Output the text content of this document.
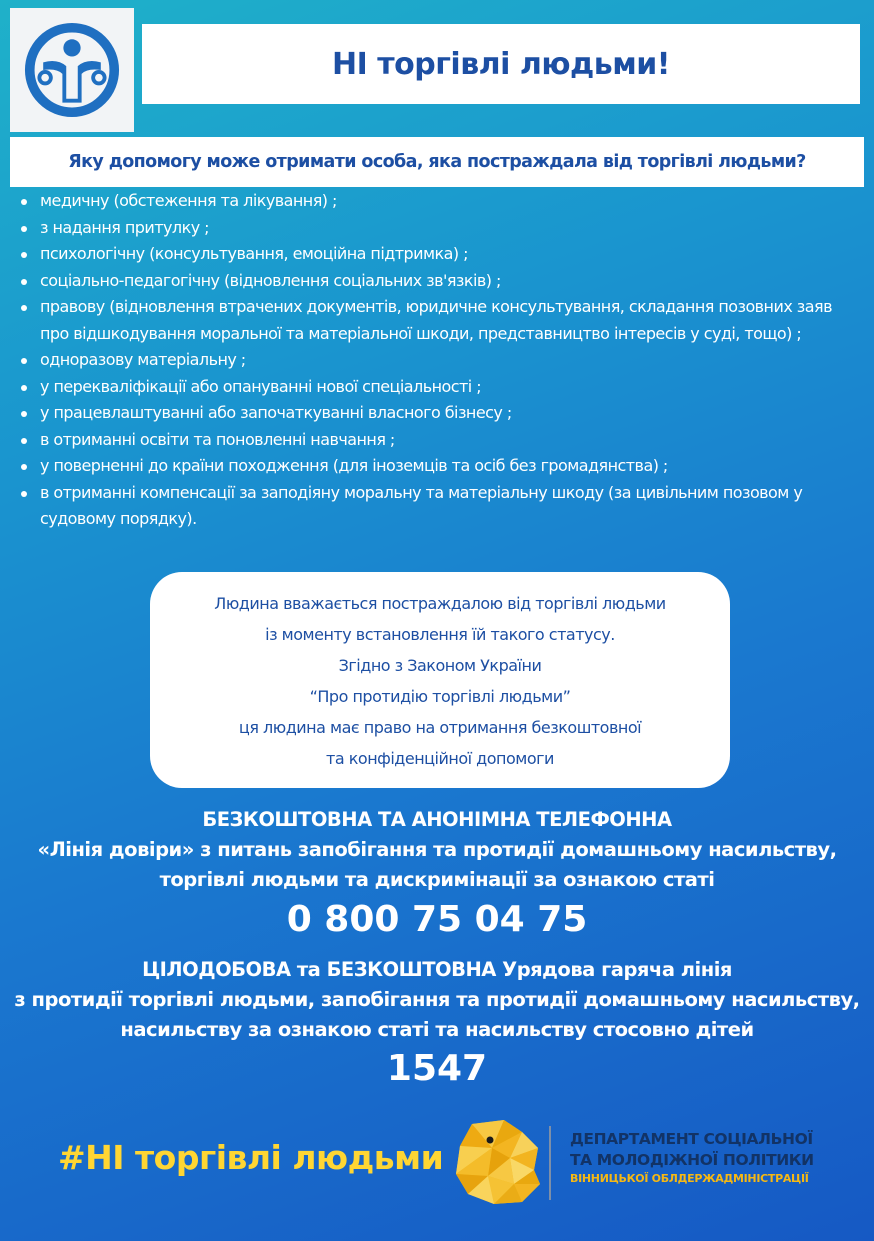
НІ торгівлі людьми!
Яку допомогу може отримати особа, яка постраждала від торгівлі людьми?
медичну (обстеження та лікування) ;
з надання притулку ;
психологічну (консультування, емоційна підтримка) ;
соціально-педагогічну (відновлення соціальних зв'язків) ;
правову (відновлення втрачених документів, юридичне консультування, складання позовних заяв про відшкодування моральної та матеріальної шкоди, представництво інтересів у суді, тощо) ;
одноразову матеріальну ;
у перекваліфікації або опануванні нової спеціальності ;
у працевлаштуванні або започаткуванні власного бізнесу ;
в отриманні освіти та поновленні навчання ;
у поверненні до країни походження (для іноземців та осіб без громадянства) ;
в отриманні компенсації за заподіяну моральну та матеріальну шкоду (за цивільним позовом у судовому порядку).

Людина вважається постраждалою від торгівлі людьми

із моменту встановлення їй такого статусу.

Згідно з Законом України

“Про протидію торгівлі людьми”

ця людина має право на отримання безкоштовної

та конфіденційної допомоги

БЕЗКОШТОВНА ТА АНОНІМНА ТЕЛЕФОННА
«Лінія довіри» з питань запобігання та протидії домашньому насильству,
торгівлі людьми та дискримінації за ознакою статі
0 800 75 04 75
ЦІЛОДОБОВА та БЕЗКОШТОВНА Урядова гаряча лінія
з протидії торгівлі людьми, запобігання та протидії домашньому насильству,
насильству за ознакою статі та насильству стосовно дітей
1547
#НІ торгівлі людьми	ДЕПАРТАМЕНТ СОЦІАЛЬНОЇ
ТА МОЛОДІЖНОЇ ПОЛІТИКИ
ВІННИЦЬКОЇ ОБЛДЕРЖАДМІНІСТРАЦІЇ
